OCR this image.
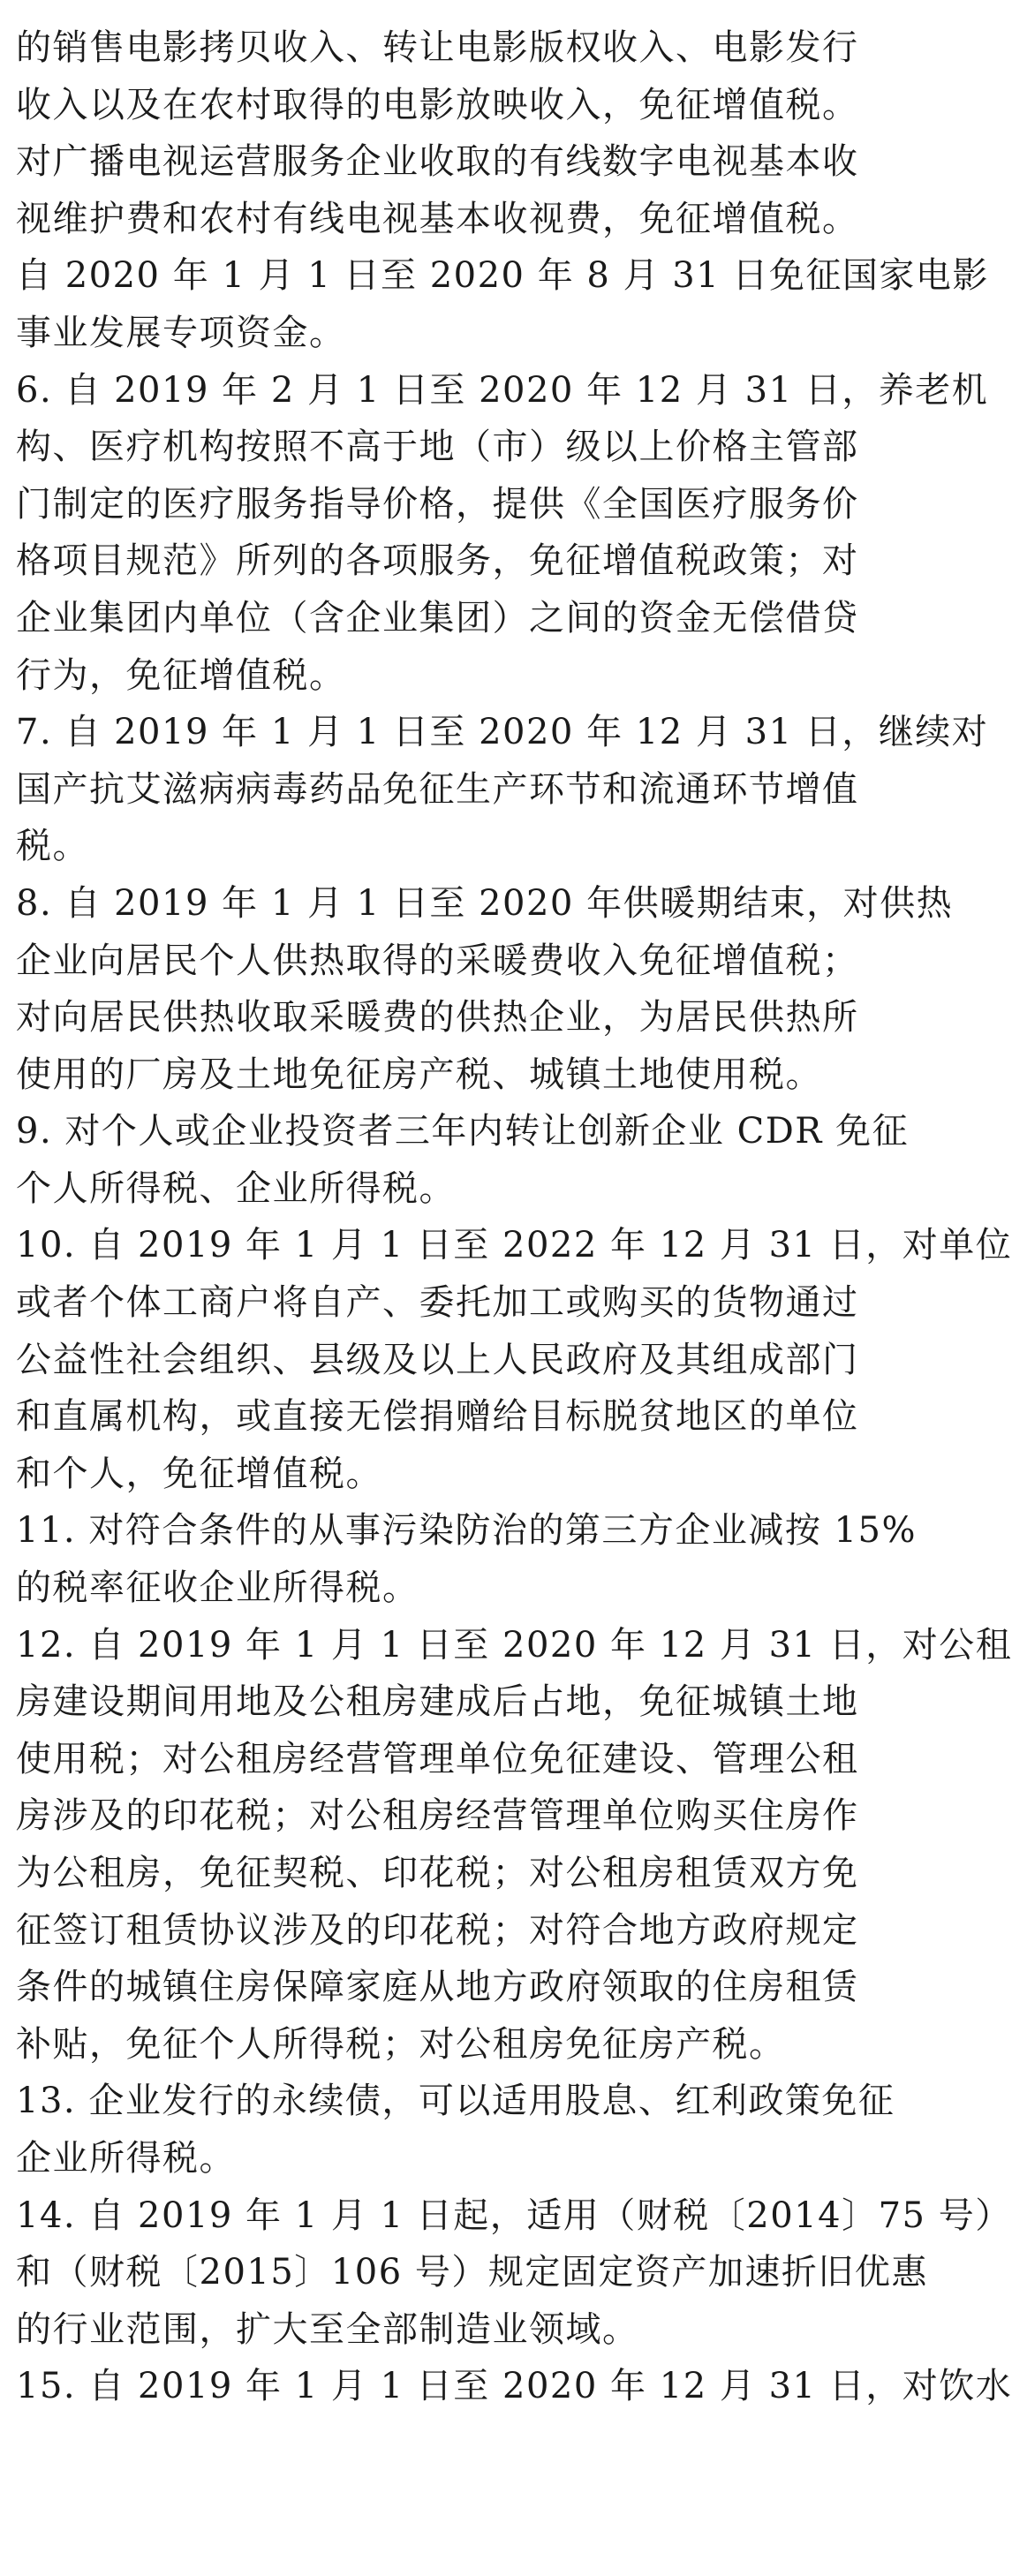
的销售电影拷贝收入、转让电影版权收入、电影发行

收入以及在农村取得的电影放映收入，免征增值税。

对广播电视运营服务企业收取的有线数字电视基本收

视维护费和农村有线电视基本收视费，免征增值税。

自 2020 年 1 月 1 日至 2020 年 8 月 31 日免征国家电影

事业发展专项资金。

6. 自 2019 年 2 月 1 日至 2020 年 12 月 31 日，养老机

构、医疗机构按照不高于地（市）级以上价格主管部

门制定的医疗服务指导价格，提供《全国医疗服务价

格项目规范》所列的各项服务，免征增值税政策；对

企业集团内单位（含企业集团）之间的资金无偿借贷

行为，免征增值税。

7. 自 2019 年 1 月 1 日至 2020 年 12 月 31 日，继续对

国产抗艾滋病病毒药品免征生产环节和流通环节增值

税。

8. 自 2019 年 1 月 1 日至 2020 年供暖期结束，对供热

企业向居民个人供热取得的采暖费收入免征增值税；

对向居民供热收取采暖费的供热企业，为居民供热所

使用的厂房及土地免征房产税、城镇土地使用税。

9. 对个人或企业投资者三年内转让创新企业 CDR 免征

个人所得税、企业所得税。

10. 自 2019 年 1 月 1 日至 2022 年 12 月 31 日，对单位

或者个体工商户将自产、委托加工或购买的货物通过

公益性社会组织、县级及以上人民政府及其组成部门

和直属机构，或直接无偿捐赠给目标脱贫地区的单位

和个人，免征增值税。

11. 对符合条件的从事污染防治的第三方企业减按 15%

的税率征收企业所得税。

12. 自 2019 年 1 月 1 日至 2020 年 12 月 31 日，对公租

房建设期间用地及公租房建成后占地，免征城镇土地

使用税；对公租房经营管理单位免征建设、管理公租

房涉及的印花税；对公租房经营管理单位购买住房作

为公租房，免征契税、印花税；对公租房租赁双方免

征签订租赁协议涉及的印花税；对符合地方政府规定

条件的城镇住房保障家庭从地方政府领取的住房租赁

补贴，免征个人所得税；对公租房免征房产税。

13. 企业发行的永续债，可以适用股息、红利政策免征

企业所得税。

14. 自 2019 年 1 月 1 日起，适用（财税〔2014〕75 号）

和（财税〔2015〕106 号）规定固定资产加速折旧优惠

的行业范围，扩大至全部制造业领域。

15. 自 2019 年 1 月 1 日至 2020 年 12 月 31 日，对饮水
